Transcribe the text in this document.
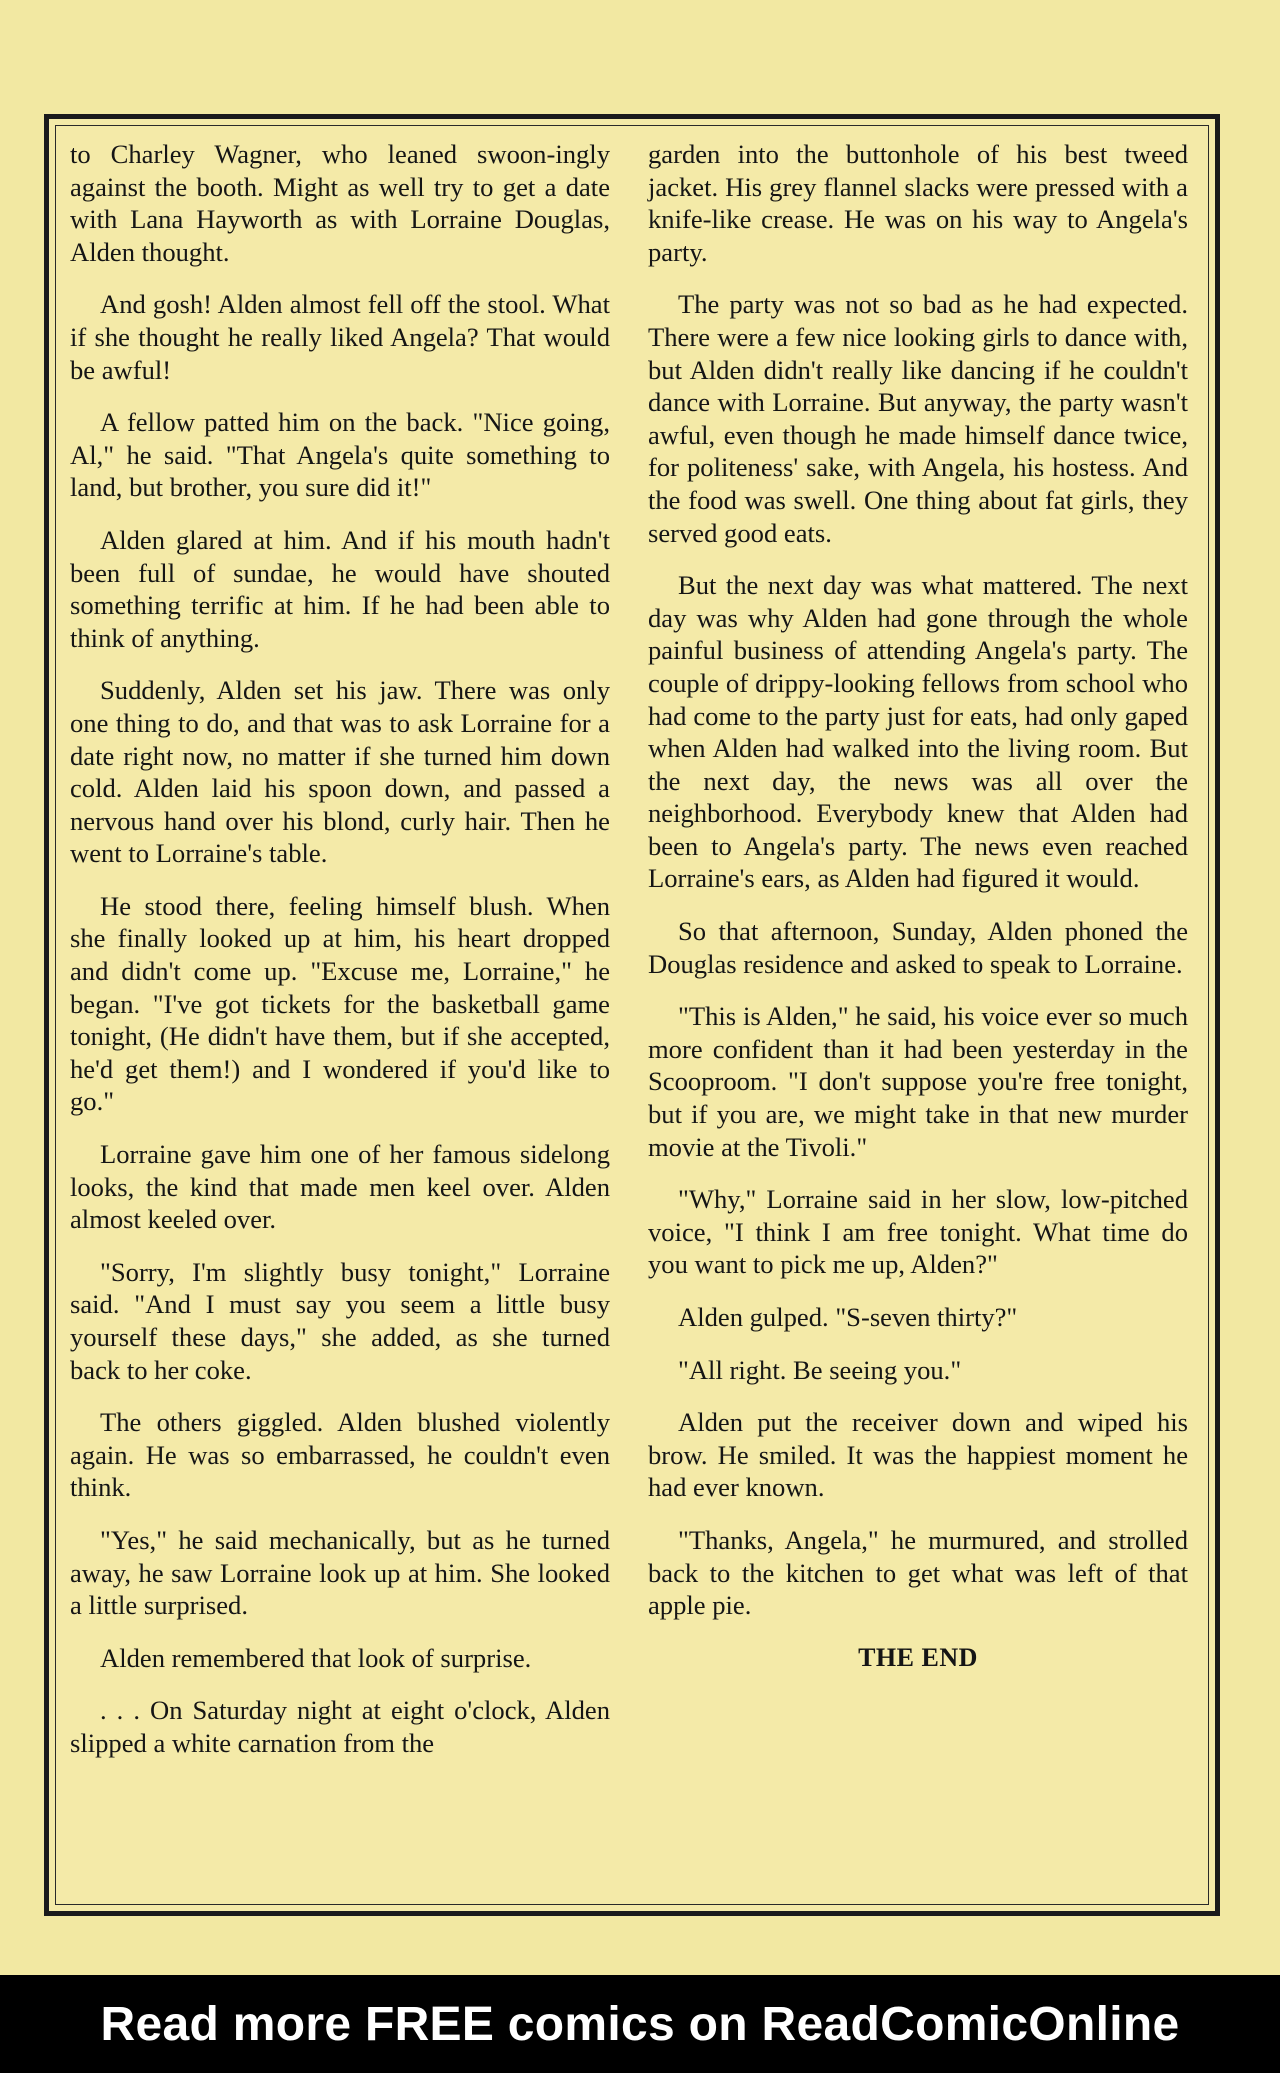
to Charley Wagner, who leaned swoon-ingly against the booth. Might as well try to get a date with Lana Hayworth as with Lorraine Douglas, Alden thought.

And gosh! Alden almost fell off the stool. What if she thought he really liked Angela? That would be awful!

A fellow patted him on the back. "Nice going, Al," he said. "That Angela's quite something to land, but brother, you sure did it!"

Alden glared at him. And if his mouth hadn't been full of sundae, he would have shouted something terrific at him. If he had been able to think of anything.

Suddenly, Alden set his jaw. There was only one thing to do, and that was to ask Lorraine for a date right now, no matter if she turned him down cold. Alden laid his spoon down, and passed a nervous hand over his blond, curly hair. Then he went to Lorraine's table.

He stood there, feeling himself blush. When she finally looked up at him, his heart dropped and didn't come up. "Excuse me, Lorraine," he began. "I've got tickets for the basketball game tonight, (He didn't have them, but if she accepted, he'd get them!) and I wondered if you'd like to go."

Lorraine gave him one of her famous sidelong looks, the kind that made men keel over. Alden almost keeled over.

"Sorry, I'm slightly busy tonight," Lorraine said. "And I must say you seem a little busy yourself these days," she added, as she turned back to her coke.

The others giggled. Alden blushed violently again. He was so embarrassed, he couldn't even think.

"Yes," he said mechanically, but as he turned away, he saw Lorraine look up at him. She looked a little surprised.

Alden remembered that look of surprise.

. . . On Saturday night at eight o'clock, Alden slipped a white carnation from the

garden into the buttonhole of his best tweed jacket. His grey flannel slacks were pressed with a knife-like crease. He was on his way to Angela's party.

The party was not so bad as he had expected. There were a few nice looking girls to dance with, but Alden didn't really like dancing if he couldn't dance with Lorraine. But anyway, the party wasn't awful, even though he made himself dance twice, for politeness' sake, with Angela, his hostess. And the food was swell. One thing about fat girls, they served good eats.

But the next day was what mattered. The next day was why Alden had gone through the whole painful business of attending Angela's party. The couple of drippy-looking fellows from school who had come to the party just for eats, had only gaped when Alden had walked into the living room. But the next day, the news was all over the neighborhood. Everybody knew that Alden had been to Angela's party. The news even reached Lorraine's ears, as Alden had figured it would.

So that afternoon, Sunday, Alden phoned the Douglas residence and asked to speak to Lorraine.

"This is Alden," he said, his voice ever so much more confident than it had been yesterday in the Scooproom. "I don't suppose you're free tonight, but if you are, we might take in that new murder movie at the Tivoli."

"Why," Lorraine said in her slow, low-pitched voice, "I think I am free tonight. What time do you want to pick me up, Alden?"

Alden gulped. "S-seven thirty?"

"All right. Be seeing you."

Alden put the receiver down and wiped his brow. He smiled. It was the happiest moment he had ever known.

"Thanks, Angela," he murmured, and strolled back to the kitchen to get what was left of that apple pie.

THE END
Read more FREE comics on ReadComicOnline
